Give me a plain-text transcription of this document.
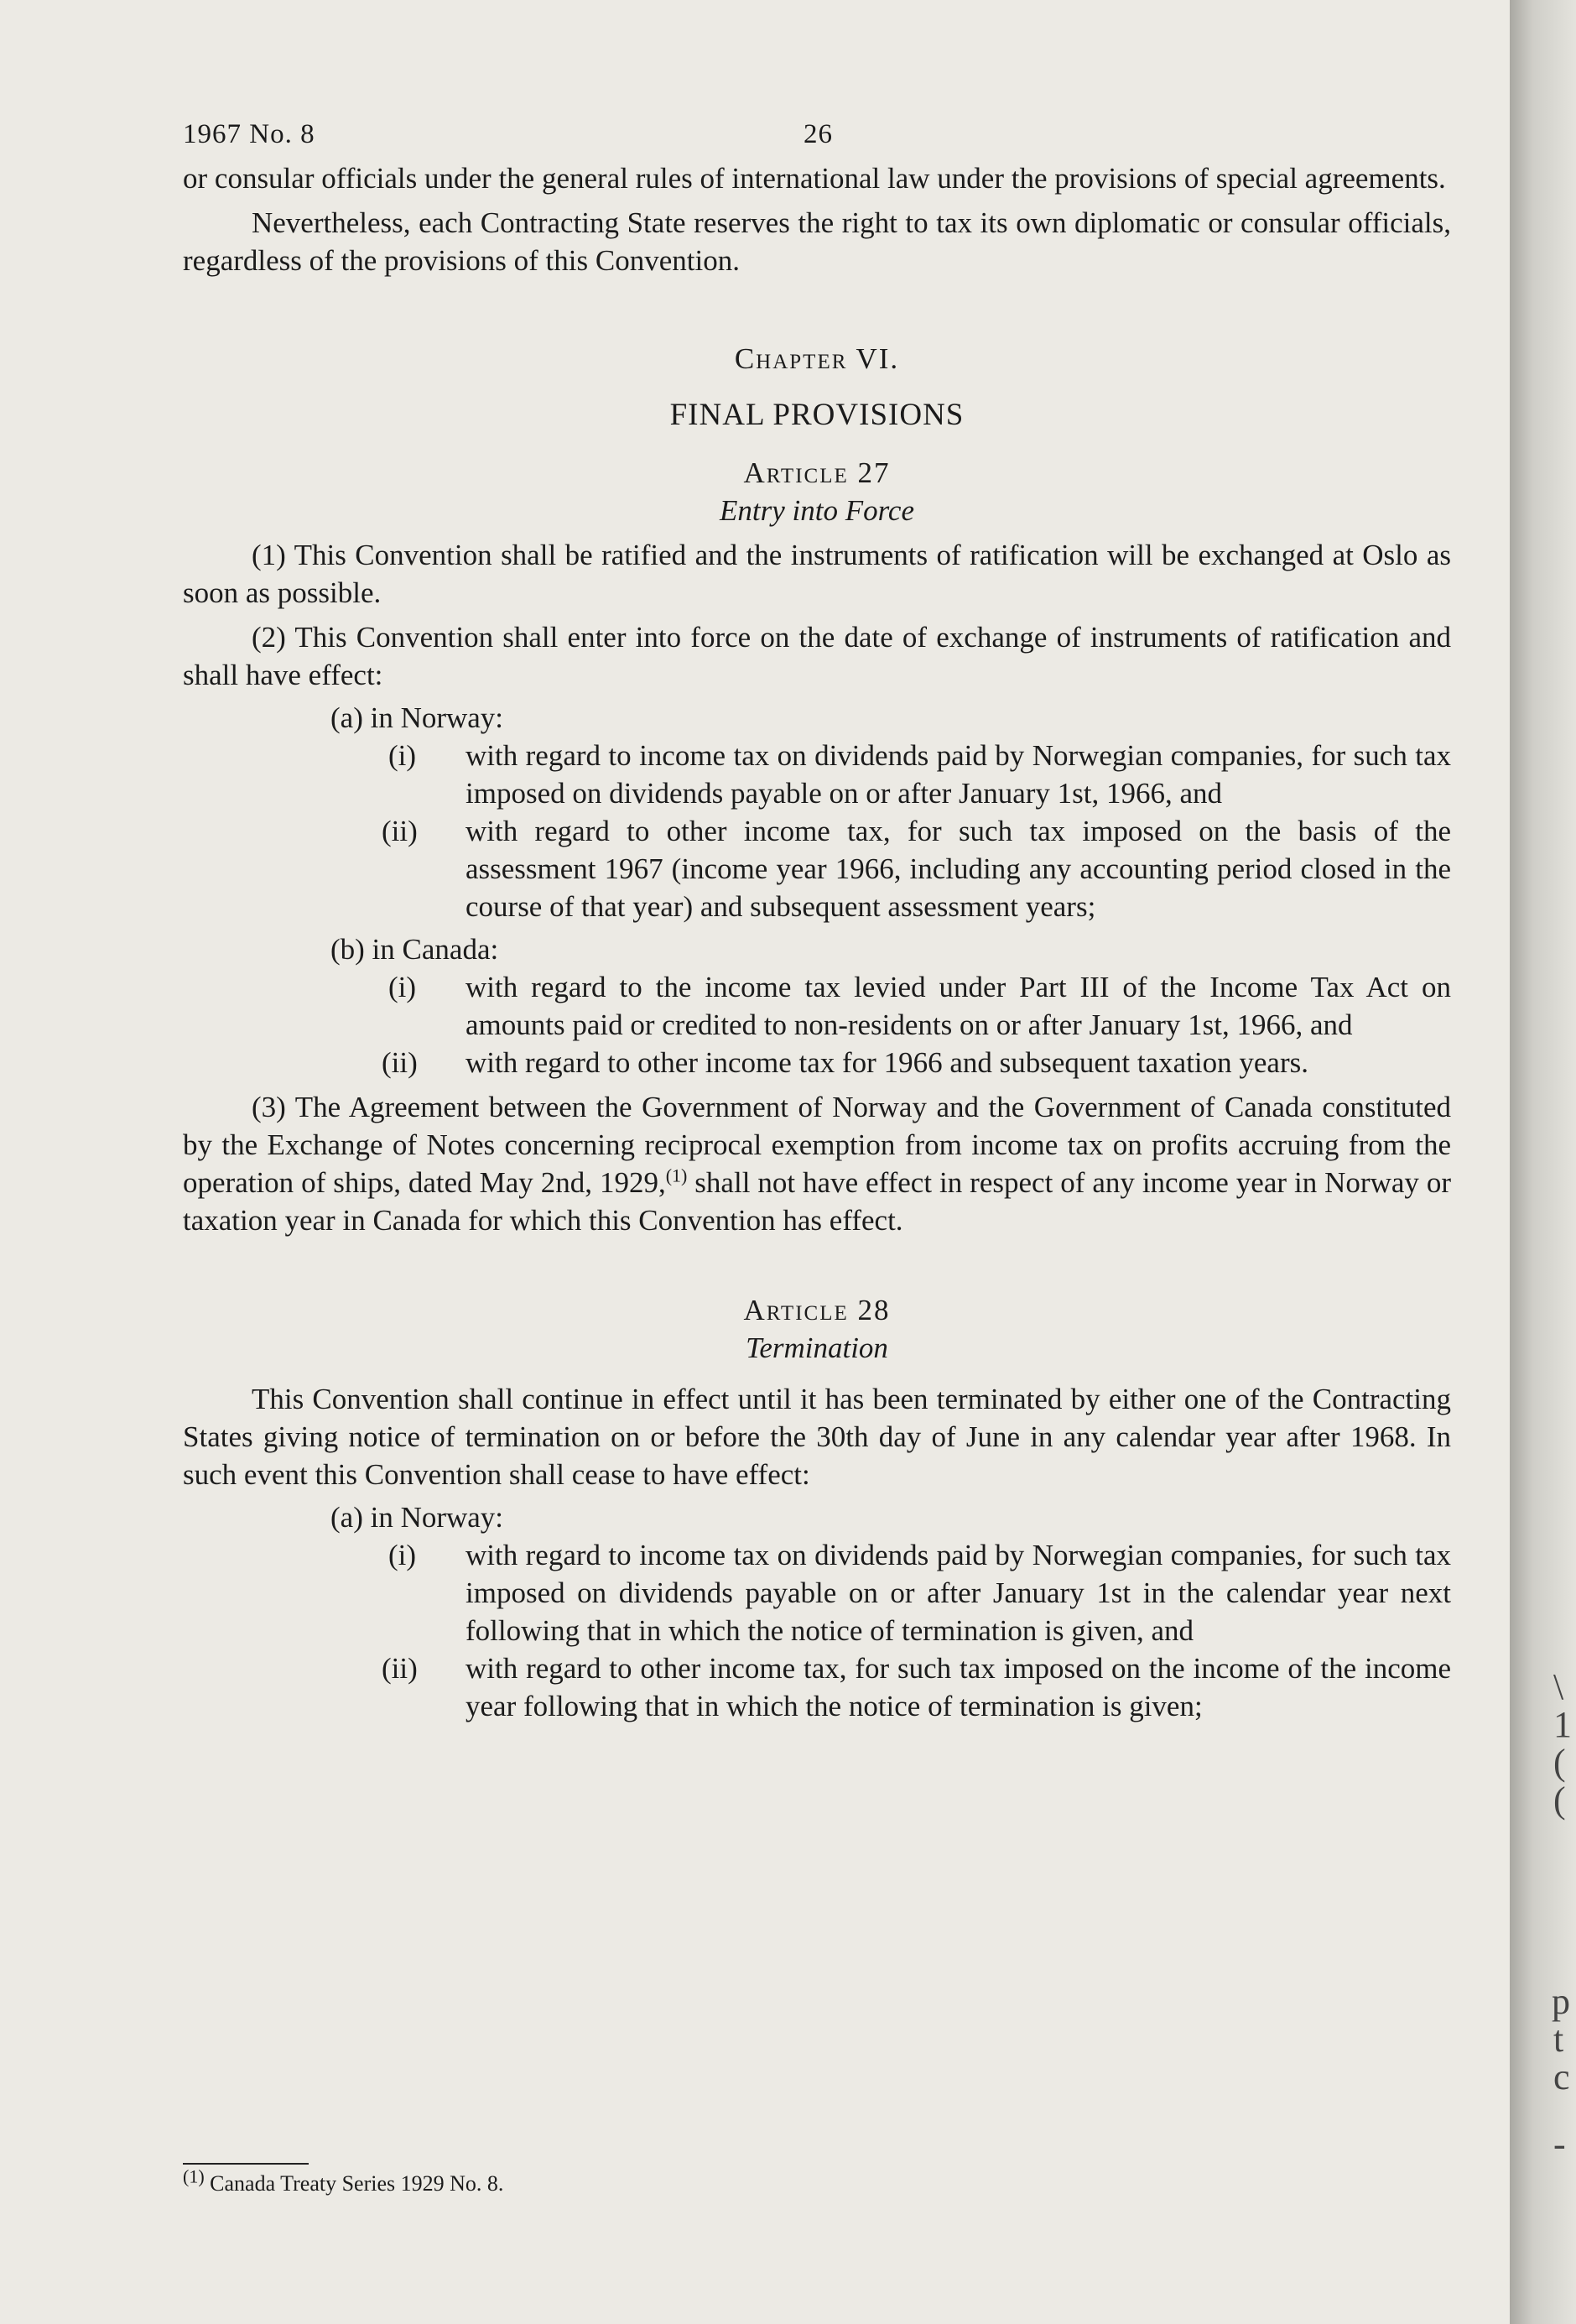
1967 No. 8	26

or consular officials under the general rules of international law under the provisions of special agreements.

Nevertheless, each Contracting State reserves the right to tax its own diplomatic or consular officials, regardless of the provisions of this Convention.

Chapter VI.

FINAL PROVISIONS

Article 27

Entry into Force

(1) This Convention shall be ratified and the instruments of ratification will be exchanged at Oslo as soon as possible.

(2) This Convention shall enter into force on the date of exchange of instruments of ratification and shall have effect:

(a) in Norway:

(i) with regard to income tax on dividends paid by Norwegian companies, for such tax imposed on dividends payable on or after January 1st, 1966, and
(ii) with regard to other income tax, for such tax imposed on the basis of the assessment 1967 (income year 1966, including any accounting period closed in the course of that year) and subsequent assessment years;

(b) in Canada:

(i) with regard to the income tax levied under Part III of the Income Tax Act on amounts paid or credited to non-residents on or after January 1st, 1966, and
(ii) with regard to other income tax for 1966 and subsequent taxation years.

(3) The Agreement between the Government of Norway and the Government of Canada constituted by the Exchange of Notes concerning reciprocal exemption from income tax on profits accruing from the operation of ships, dated May 2nd, 1929,$^{(1)}$ shall not have effect in respect of any income year in Norway or taxation year in Canada for which this Convention has effect.

Article 28

Termination

This Convention shall continue in effect until it has been terminated by either one of the Contracting States giving notice of termination on or before the 30th day of June in any calendar year after 1968. In such event this Convention shall cease to have effect:

(a) in Norway:

(i) with regard to income tax on dividends paid by Norwegian companies, for such tax imposed on dividends payable on or after January 1st in the calendar year next following that in which the notice of termination is given, and
(ii) with regard to other income tax, for such tax imposed on the income of the income year following that in which the notice of termination is given;
$^{(1)}$ Canada Treaty Series 1929 No. 8.
\
1
(
(
p
t
c
-
